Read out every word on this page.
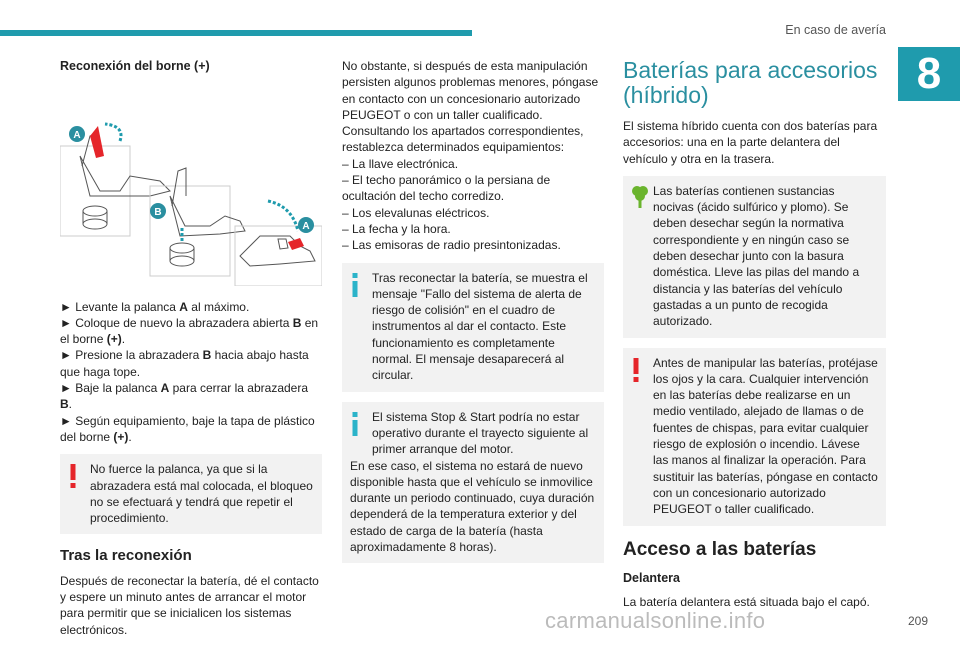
En caso de avería
8
Reconexión del borne (+)
A
B
A

► Levante la palanca A al máximo.

► Coloque de nuevo la abrazadera abierta B en el borne (+).

► Presione la abrazadera B hacia abajo hasta que haga tope.

► Baje la palanca A para cerrar la abrazadera B.

► Según equipamiento, baje la tapa de plástico del borne (+).

No fuerce la palanca, ya que si la abrazadera está mal colocada, el bloqueo no se efectuará y tendrá que repetir el procedimiento.
Tras la reconexión

Después de reconectar la batería, dé el contacto y espere un minuto antes de arrancar el motor para permitir que se inicialicen los sistemas electrónicos.

No obstante, si después de esta manipulación persisten algunos problemas menores, póngase en contacto con un concesionario autorizado PEUGEOT o con un taller cualificado.

Consultando los apartados correspondientes, restablezca determinados equipamientos:

– La llave electrónica.
– El techo panorámico o la persiana de ocultación del techo corredizo.
– Los elevalunas eléctricos.
– La fecha y la hora.
– Las emisoras de radio presintonizadas.
Tras reconectar la batería, se muestra el mensaje "Fallo del sistema de alerta de riesgo de colisión" en el cuadro de instrumentos al dar el contacto. Este funcionamiento es completamente normal. El mensaje desaparecerá al circular.
El sistema Stop & Start podría no estar operativo durante el trayecto siguiente al primer arranque del motor.
En ese caso, el sistema no estará de nuevo disponible hasta que el vehículo se inmovilice durante un periodo continuado, cuya duración dependerá de la temperatura exterior y del estado de carga de la batería (hasta aproximadamente 8 horas).
Baterías para accesorios (híbrido)

El sistema híbrido cuenta con dos baterías para accesorios: una en la parte delantera del vehículo y otra en la trasera.

Las baterías contienen sustancias nocivas (ácido sulfúrico y plomo). Se deben desechar según la normativa correspondiente y en ningún caso se deben desechar junto con la basura doméstica. Lleve las pilas del mando a distancia y las baterías del vehículo gastadas a un punto de recogida autorizado.
Antes de manipular las baterías, protéjase los ojos y la cara. Cualquier intervención en las baterías debe realizarse en un medio ventilado, alejado de llamas o de fuentes de chispas, para evitar cualquier riesgo de explosión o incendio. Lávese las manos al finalizar la operación. Para sustituir las baterías, póngase en contacto con un concesionario autorizado PEUGEOT o taller cualificado.
Acceso a las baterías
Delantera

La batería delantera está situada bajo el capó.

209
carmanualsonline.info
